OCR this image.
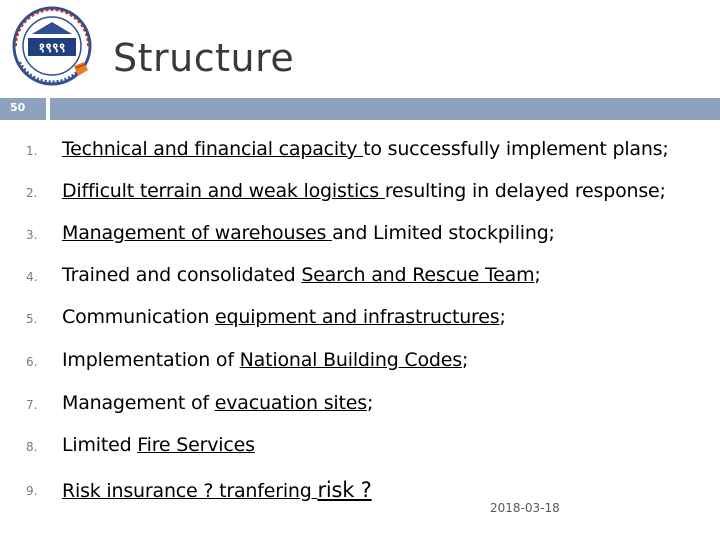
१९९९ Structure
50
1. Technical and financial capacity to successfully implement plans;
2. Difficult terrain and weak logistics resulting in delayed response;
3. Management of warehouses and Limited stockpiling;
4. Trained and consolidated Search and Rescue Team;
5. Communication equipment and infrastructures;
6. Implementation of National Building Codes;
7. Management of evacuation sites;
8. Limited Fire Services
9. Risk insurance ? tranfering risk ?
2018-03-18
